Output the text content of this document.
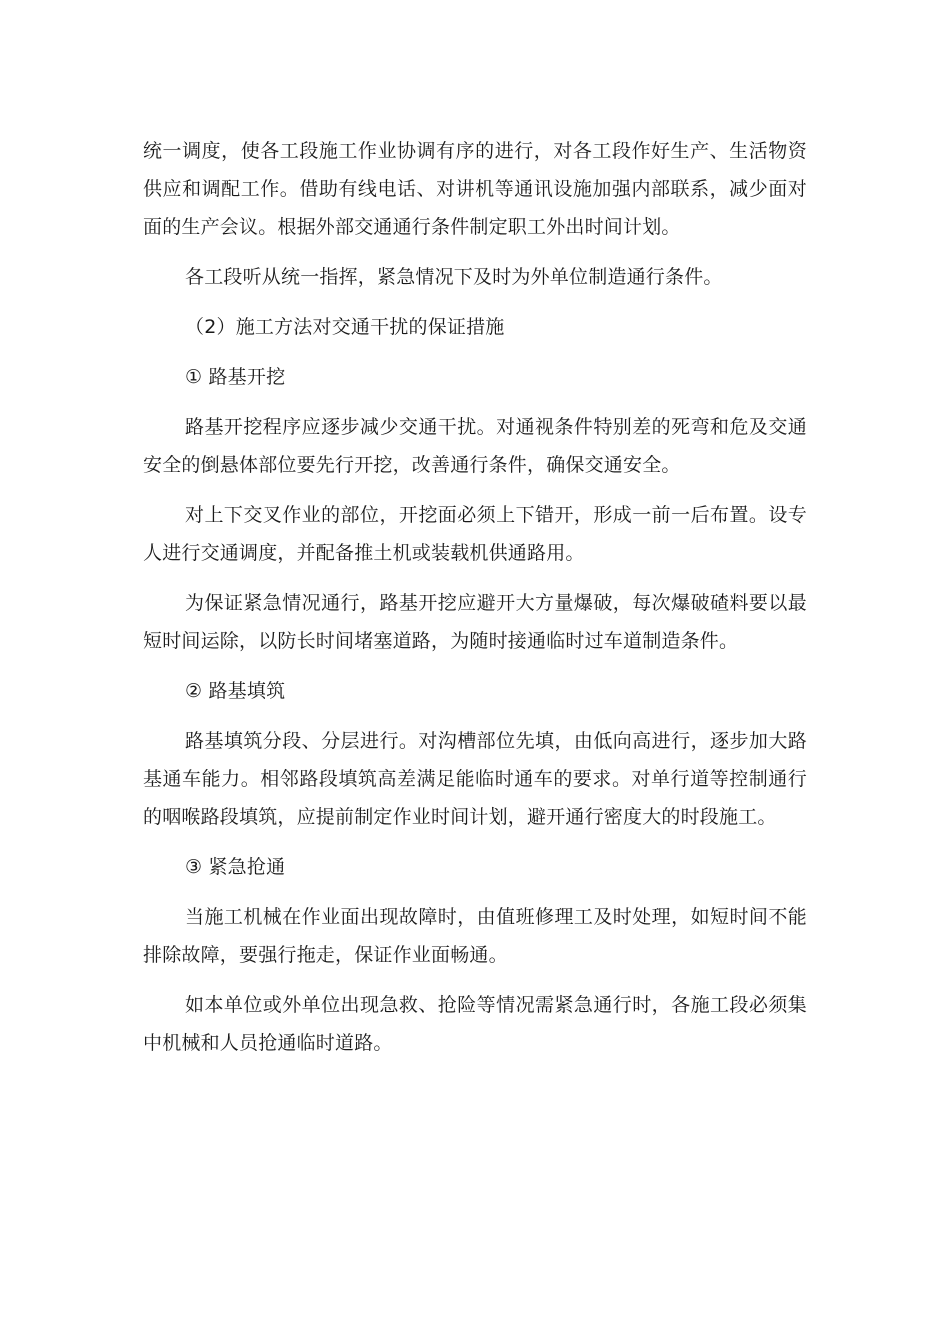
统一调度，使各工段施工作业协调有序的进行，对各工段作好生产、生活物资供应和调配工作。借助有线电话、对讲机等通讯设施加强内部联系，减少面对面的生产会议。根据外部交通通行条件制定职工外出时间计划。

各工段听从统一指挥，紧急情况下及时为外单位制造通行条件。

（2）施工方法对交通干扰的保证措施

① 路基开挖

路基开挖程序应逐步减少交通干扰。对通视条件特别差的死弯和危及交通安全的倒悬体部位要先行开挖，改善通行条件，确保交通安全。

对上下交叉作业的部位，开挖面必须上下错开，形成一前一后布置。设专人进行交通调度，并配备推土机或装载机供通路用。

为保证紧急情况通行，路基开挖应避开大方量爆破，每次爆破碴料要以最短时间运除，以防长时间堵塞道路，为随时接通临时过车道制造条件。

② 路基填筑

路基填筑分段、分层进行。对沟槽部位先填，由低向高进行，逐步加大路基通车能力。相邻路段填筑高差满足能临时通车的要求。对单行道等控制通行的咽喉路段填筑，应提前制定作业时间计划，避开通行密度大的时段施工。

③ 紧急抢通

当施工机械在作业面出现故障时，由值班修理工及时处理，如短时间不能排除故障，要强行拖走，保证作业面畅通。

如本单位或外单位出现急救、抢险等情况需紧急通行时，各施工段必须集中机械和人员抢通临时道路。
